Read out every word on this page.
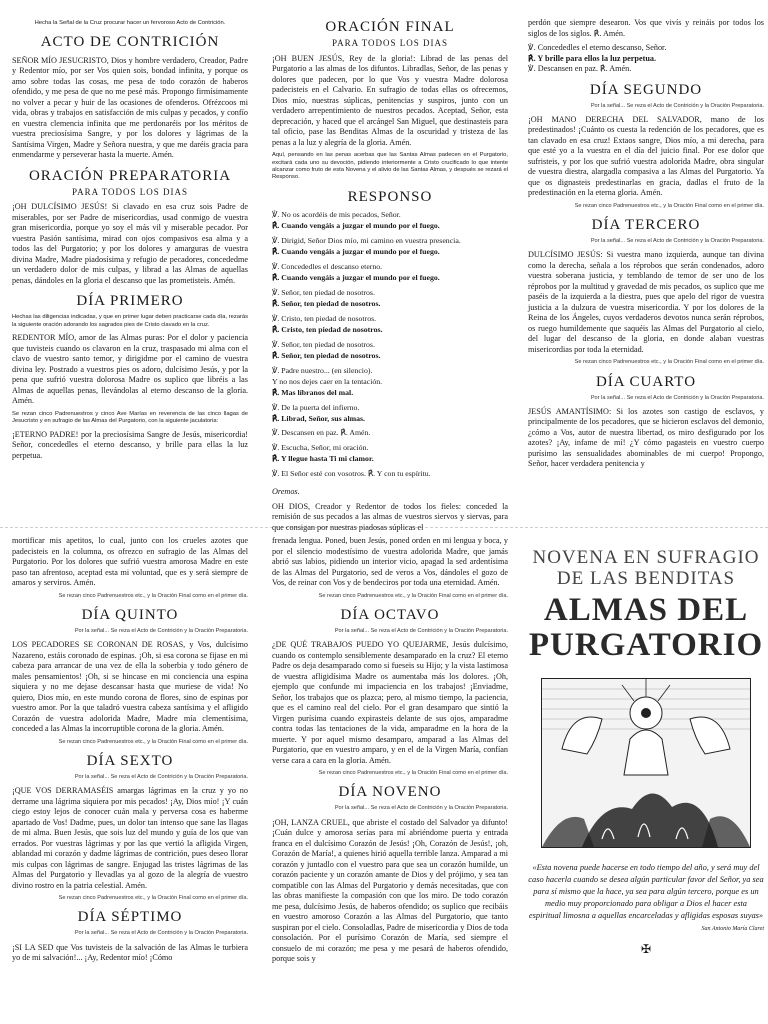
Hecha la Señal de la Cruz procurar hacer un fervoroso Acto de Contrición.
ACTO DE CONTRICIÓN

SEÑOR MÍO JESUCRISTO, Dios y hombre verdadero, Creador, Padre y Redentor mío, por ser Vos quien sois, bondad infinita, y porque os amo sobre todas las cosas, me pesa de todo corazón de haberos ofendido, y me pesa de que no me pesé más. Propongo firmísimamente no volver a pecar y huir de las ocasiones de ofenderos. Ofrézcoos mi vida, obras y trabajos en satisfacción de mis culpas y pecados, y confío en vuestra clemencia infinita que me perdonaréis por los méritos de vuestra preciosísima Sangre, y por los dolores y lágrimas de la Santísima Virgen, Madre y Señora nuestra, y que me daréis gracia para enmendarme y perseverar hasta la muerte. Amén.

ORACIÓN PREPARATORIA
PARA TODOS LOS DIAS

¡OH DULCÍSIMO JESÚS! Si clavado en esa cruz sois Padre de miserables, por ser Padre de misericordias, usad conmigo de vuestra gran misericordia, porque yo soy el más vil y miserable pecador. Por vuestra Pasión santísima, mirad con ojos compasivos esa alma y a todos las del Purgatorio; y por los dolores y amarguras de vuestra divina Madre, Madre piadosísima y refugio de pecadores, concededme un verdadero dolor de mis culpas, y librad a las Almas de aquellas penas, dándoles en la gloria el descanso que las prometisteis. Amén.

DÍA PRIMERO
Hechas las diligencias indicadas, y que en primer lugar deben practicarse cada día, rezarás la siguiente oración adorando los sagrados pies de Cristo clavado en la cruz.

REDENTOR MÍO, amor de las Almas puras: Por el dolor y paciencia que tuvisteis cuando os clavaron en la cruz, traspasado mi alma con el clavo de vuestro santo temor, y dirigidme por el camino de vuestra divina ley. Postrado a vuestros pies os adoro, dulcísimo Jesús, y por la pena que sufrió vuestra dolorosa Madre os suplico que libréis a las Almas de aquellas penas, llevándolas al eterno descanso de la gloria. Amén.

Se rezan cinco Padrenuestros y cinco Ave Marías en reverencia de las cinco llagas de Jesucristo y en sufragio de las Almas del Purgatorio, con la siguiente jaculatoria:

¡ETERNO PADRE! por la preciosísima Sangre de Jesús, misericordia! Señor, concededles el eterno descanso, y brille para ellas la luz perpetua.

ORACIÓN FINAL
PARA TODOS LOS DIAS

¡OH BUEN JESÚS, Rey de la gloria!: Librad de las penas del Purgatorio a las almas de los difuntos. Libradlas, Señor, de las penas y dolores que padecen, por lo que Vos y vuestra Madre dolorosa padecisteis en el Calvario. En sufragio de todas ellas os ofrecemos, Dios mío, nuestras súplicas, penitencias y suspiros, junto con un verdadero arrepentimiento de nuestros pecados. Aceptad, Señor, esta deprecación, y haced que el arcángel San Miguel, que destinasteis para tal oficio, pase las Benditas Almas de la oscuridad y tristeza de las penas a la luz y alegría de la gloria. Amén.

Aquí, pensando en las penas acerbas que las Santas Almas padecen en el Purgatorio, excitará cada uno su devoción, pidiendo interiormente a Cristo crucificado lo que intente alcanzar como fruto de esta Novena y el alivio de las Santas Almas, y después se rezará el Responso.
RESPONSO

℣. No os acordéis de mis pecados, Señor.

℟. Cuando vengáis a juzgar el mundo por el fuego.

℣. Dirigid, Señor Dios mío, mi camino en vuestra presencia.

℟. Cuando vengáis a juzgar el mundo por el fuego.

℣. Concededles el descanso eterno.

℟. Cuando vengáis a juzgar el mundo por el fuego.

℣. Señor, ten piedad de nosotros.

℟. Señor, ten piedad de nosotros.

℣. Cristo, ten piedad de nosotros.

℟. Cristo, ten piedad de nosotros.

℣. Señor, ten piedad de nosotros.

℟. Señor, ten piedad de nosotros.

℣. Padre nuestro... (en silencio).

Y no nos dejes caer en la tentación.

℟. Mas líbranos del mal.

℣. De la puerta del infierno.

℟. Librad, Señor, sus almas.

℣. Descansen en paz. ℟. Amén.

℣. Escucha, Señor, mi oración.

℟. Y llegue hasta Ti mi clamor.

℣. El Señor esté con vosotros. ℟. Y con tu espíritu.

Oremos.

OH DIOS, Creador y Redentor de todos los fieles: conceded la remisión de sus pecados a las almas de vuestros siervos y siervas, para que consigan por nuestras piadosas súplicas el

perdón que siempre desearon. Vos que vivís y reináis por todos los siglos de los siglos. ℟. Amén.

℣. Concededles el eterno descanso, Señor.

℟. Y brille para ellos la luz perpetua.

℣. Descansen en paz. ℟. Amén.

DÍA SEGUNDO
Por la señal... Se reza el Acto de Contrición y la Oración Preparatoria.

¡OH MANO DERECHA DEL SALVADOR, mano de los predestinados! ¡Cuánto os cuesta la redención de los pecadores, que es tan clavado en esa cruz! Extaos sangre, Dios mío, a mi derecha, para que esté yo a la vuestra en el día del juicio final. Por ese dolor que sufristeis, y por los que sufrió vuestra adolorida Madre, obra singular de vuestra diestra, alargadla compasiva a las Almas del Purgatorio. Ya que os dignasteis predestinarlas en gracia, dadlas el fruto de la predestinación en la eterna gloria. Amén.

Se rezan cinco Padrenuestros etc., y la Oración Final como en el primer día.
DÍA TERCERO
Por la señal... Se reza el Acto de Contrición y la Oración Preparatoria.

DULCÍSIMO JESÚS: Si vuestra mano izquierda, aunque tan divina como la derecha, señala a los réprobos que serán condenados, adoro vuestra soberana justicia, y temblando de temor de ser uno de los réprobos por la multitud y gravedad de mis pecados, os suplico que me paséis de la izquierda a la diestra, pues que apelo del rigor de vuestra justicia a la dulzura de vuestra misericordia. Y por los dolores de la Reina de los Ángeles, cuyos verdaderos devotos nunca serán réprobos, os ruego humildemente que saquéis las Almas del Purgatorio al cielo, del lugar del descanso de la gloria, en donde alaban vuestras misericordias por toda la eternidad.

Se rezan cinco Padrenuestros etc., y la Oración Final como en el primer día.
DÍA CUARTO
Por la señal... Se reza el Acto de Contrición y la Oración Preparatoria.

JESÚS AMANTÍSIMO: Si los azotes son castigo de esclavos, y principalmente de los pecadores, que se hicieron esclavos del demonio, ¿cómo a Vos, autor de nuestra libertad, os miro desfigurado por los azotes? ¡Ay, infame de mí! ¿Y cómo pagasteis en vuestro cuerpo purísimo las sensualidades abominables de mi cuerpo! Propongo, Señor, hacer verdadera penitencia y

mortificar mis apetitos, lo cual, junto con los crueles azotes que padecisteis en la columna, os ofrezco en sufragio de las Almas del Purgatorio. Por los dolores que sufrió vuestra amorosa Madre en este paso tan afrentoso, aceptad esta mi voluntad, que es y será siempre de amaros y serviros. Amén.

Se rezan cinco Padrenuestros etc., y la Oración Final como en el primer día.
DÍA QUINTO
Por la señal... Se reza el Acto de Contrición y la Oración Preparatoria.

LOS PECADORES SE CORONAN DE ROSAS, y Vos, dulcísimo Nazareno, estáis coronado de espinas. ¡Oh, si esa corona se fijase en mi cabeza para arrancar de una vez de ella la soberbia y todo género de males pensamientos! ¡Oh, si se hincase en mi conciencia una espina siquiera y no me dejase descansar hasta que muriese de vida! No quiero, Dios mío, en este mundo corona de flores, sino de espinas por vuestro amor. Por la que taladró vuestra cabeza santísima y el afligido Corazón de vuestra adolorida Madre, Madre mía clementísima, conceded a las Almas la incorruptible corona de la gloria. Amén.

Se rezan cinco Padrenuestros etc., y la Oración Final como en el primer día.
DÍA SEXTO
Por la señal... Se reza el Acto de Contrición y la Oración Preparatoria.

¡QUE VOS DERRAMASÉIS amargas lágrimas en la cruz y yo no derrame una lágrima siquiera por mis pecados! ¡Ay, Dios mío! ¡Y cuán ciego estoy lejos de conocer cuán mala y perversa cosa es haberme apartado de Vos! Dadme, pues, un dolor tan intenso que sane las llagas de mi alma. Buen Jesús, que sois luz del mundo y guía de los que van errados. Por vuestras lágrimas y por las que vertió la afligida Virgen, ablandad mi corazón y dadme lágrimas de contrición, pues deseo llorar mis culpas con lágrimas de sangre. Enjugad las tristes lágrimas de las Almas del Purgatorio y llevadlas ya al gozo de la alegría de vuestro divino rostro en la patria celestial. Amén.

Se rezan cinco Padrenuestros etc., y la Oración Final como en el primer día.
DÍA SÉPTIMO
Por la señal... Se reza el Acto de Contrición y la Oración Preparatoria.

¡SI LA SED que Vos tuvisteis de la salvación de las Almas le turbiera yo de mi salvación!... ¡Ay, Redentor mío! ¡Cómo

frenada lengua. Poned, buen Jesús, poned orden en mi lengua y boca, y por el silencio modestísimo de vuestra adolorida Madre, que jamás abrió sus labios, pidiendo un interior vicio, apagad la sed ardentísima de las Almas del Purgatorio, sed de veros a Vos, dándoles el gozo de Vos, de reinar con Vos y de bendeciros por toda una eternidad. Amén.

Se rezan cinco Padrenuestros etc., y la Oración Final como en el primer día.
DÍA OCTAVO
Por la señal... Se reza el Acto de Contrición y la Oración Preparatoria.

¿DE QUÉ TRABAJOS PUEDO YO QUEJARME, Jesús dulcísimo, cuando os contemplo sensiblemente desamparado en la cruz? El eterno Padre os deja desamparado como si fueseis su Hijo; y la vista lastimosa de vuestra afligidísima Madre os aumentaba más los dolores. ¡Oh, ejemplo que confunde mi impaciencia en los trabajos! ¡Enviadme, Señor, los trabajos que os plazca; pero, al mismo tiempo, la paciencia, que es el camino real del cielo. Por el gran desamparo que sintió la Virgen purísima cuando expirasteis delante de sus ojos, amparadme contra todas las tentaciones de la vida, amparadme en la hora de la muerte. Y por aquel mismo desamparo, amparad a las Almas del Purgatorio, que en vuestro amparo, y en el de la Virgen María, confían verse cara a cara en la gloria. Amén.

Se rezan cinco Padrenuestros etc., y la Oración Final como en el primer día.
DÍA NOVENO
Por la señal... Se reza el Acto de Contrición y la Oración Preparatoria.

¡OH, LANZA CRUEL, que abriste el costado del Salvador ya difunto! ¡Cuán dulce y amorosa serías para mí abriéndome puerta y entrada franca en el dulcísimo Corazón de Jesús! ¡Oh, Corazón de Jesús!, ¡oh, Corazón de María!, a quienes hirió aquella terrible lanza. Amparad a mi corazón y juntadlo con el vuestro para que sea un corazón humilde, un corazón paciente y un corazón amante de Dios y del prójimo, y sea tan compatible con las Almas del Purgatorio y demás necesitadas, que con las obras manifieste la compasión con que los miro. De todo corazón me pesa, dulcísimo Jesús, de haberos ofendido; os suplico que recibáis en vuestro amoroso Corazón a las Almas del Purgatorio, que tanto suspiran por el cielo. Consoladlas, Padre de misericordia y Dios de toda consolación. Por el purísimo Corazón de María, sed siempre el consuelo de mi corazón; me pesa y me pesará de haberos ofendido, porque sois y

NOVENA EN SUFRAGIO
DE LAS BENDITAS
ALMAS DEL
PURGATORIO
«Esta novena puede hacerse en todo tiempo del año, y será muy del caso hacerla cuando se desea algún particular favor del Señor, ya sea para sí mismo que la hace, ya sea para algún tercero, porque es un medio muy proporcionado para obligar a Dios el hacer esta espiritual limosna a aquellas encarceladas y afligidas esposas suyas»
San Antonio María Claret
✠
